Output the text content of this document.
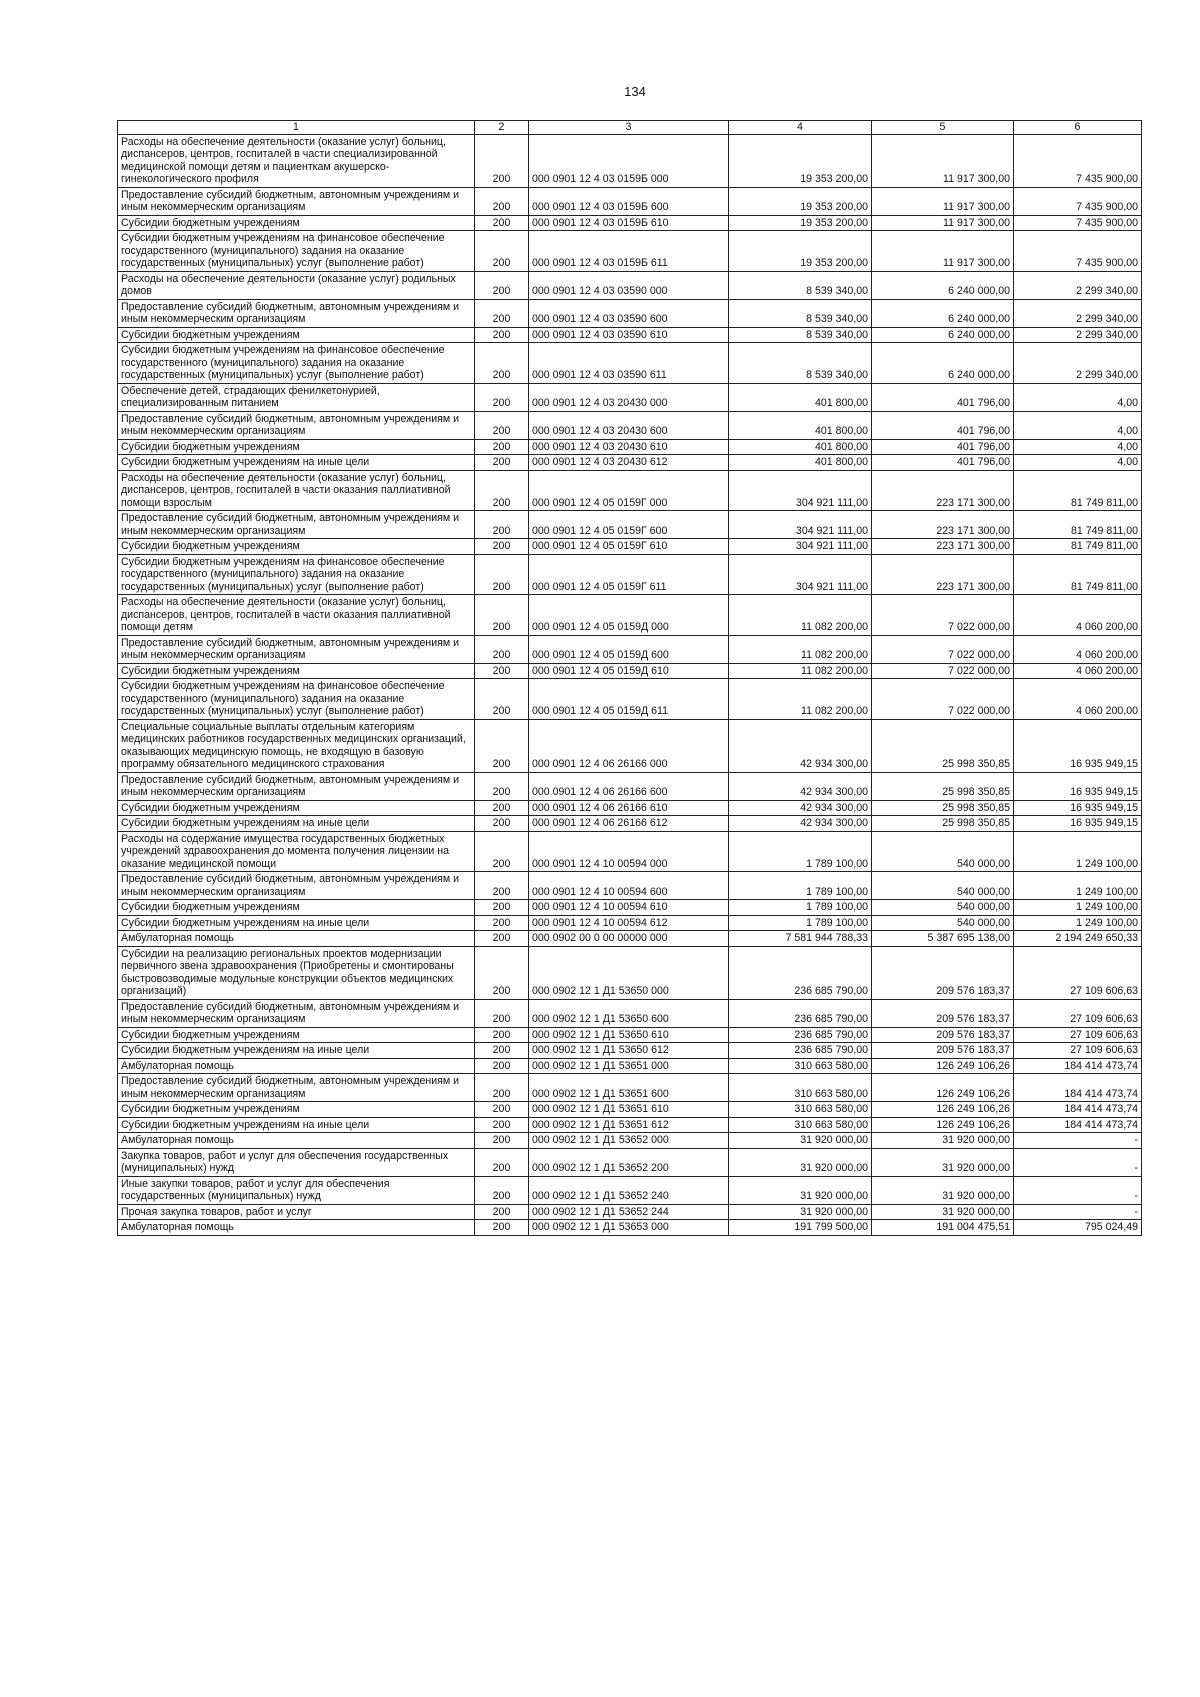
134
1	2	3	4	5	6
Расходы на обеспечение деятельности (оказание услуг) больниц, диспансеров, центров, госпиталей в части специализированной медицинской помощи детям и пациенткам акушерско-гинекологического профиля	200	000 0901 12 4 03 0159Б 000	19 353 200,00	11 917 300,00	7 435 900,00
Предоставление субсидий бюджетным, автономным учреждениям и иным некоммерческим организациям	200	000 0901 12 4 03 0159Б 600	19 353 200,00	11 917 300,00	7 435 900,00
Субсидии бюджетным учреждениям	200	000 0901 12 4 03 0159Б 610	19 353 200,00	11 917 300,00	7 435 900,00
Субсидии бюджетным учреждениям на финансовое обеспечение государственного (муниципального) задания на оказание государственных (муниципальных) услуг (выполнение работ)	200	000 0901 12 4 03 0159Б 611	19 353 200,00	11 917 300,00	7 435 900,00
Расходы на обеспечение деятельности (оказание услуг) родильных домов	200	000 0901 12 4 03 03590 000	8 539 340,00	6 240 000,00	2 299 340,00
Предоставление субсидий бюджетным, автономным учреждениям и иным некоммерческим организациям	200	000 0901 12 4 03 03590 600	8 539 340,00	6 240 000,00	2 299 340,00
Субсидии бюджетным учреждениям	200	000 0901 12 4 03 03590 610	8 539 340,00	6 240 000,00	2 299 340,00
Субсидии бюджетным учреждениям на финансовое обеспечение государственного (муниципального) задания на оказание государственных (муниципальных) услуг (выполнение работ)	200	000 0901 12 4 03 03590 611	8 539 340,00	6 240 000,00	2 299 340,00
Обеспечение детей, страдающих фенилкетонурией, специализированным питанием	200	000 0901 12 4 03 20430 000	401 800,00	401 796,00	4,00
Предоставление субсидий бюджетным, автономным учреждениям и иным некоммерческим организациям	200	000 0901 12 4 03 20430 600	401 800,00	401 796,00	4,00
Субсидии бюджетным учреждениям	200	000 0901 12 4 03 20430 610	401 800,00	401 796,00	4,00
Субсидии бюджетным учреждениям на иные цели	200	000 0901 12 4 03 20430 612	401 800,00	401 796,00	4,00
Расходы на обеспечение деятельности (оказание услуг) больниц, диспансеров, центров, госпиталей в части оказания паллиативной помощи взрослым	200	000 0901 12 4 05 0159Г 000	304 921 111,00	223 171 300,00	81 749 811,00
Предоставление субсидий бюджетным, автономным учреждениям и иным некоммерческим организациям	200	000 0901 12 4 05 0159Г 600	304 921 111,00	223 171 300,00	81 749 811,00
Субсидии бюджетным учреждениям	200	000 0901 12 4 05 0159Г 610	304 921 111,00	223 171 300,00	81 749 811,00
Субсидии бюджетным учреждениям на финансовое обеспечение государственного (муниципального) задания на оказание государственных (муниципальных) услуг (выполнение работ)	200	000 0901 12 4 05 0159Г 611	304 921 111,00	223 171 300,00	81 749 811,00
Расходы на обеспечение деятельности (оказание услуг) больниц, диспансеров, центров, госпиталей в части оказания паллиативной помощи детям	200	000 0901 12 4 05 0159Д 000	11 082 200,00	7 022 000,00	4 060 200,00
Предоставление субсидий бюджетным, автономным учреждениям и иным некоммерческим организациям	200	000 0901 12 4 05 0159Д 600	11 082 200,00	7 022 000,00	4 060 200,00
Субсидии бюджетным учреждениям	200	000 0901 12 4 05 0159Д 610	11 082 200,00	7 022 000,00	4 060 200,00
Субсидии бюджетным учреждениям на финансовое обеспечение государственного (муниципального) задания на оказание государственных (муниципальных) услуг (выполнение работ)	200	000 0901 12 4 05 0159Д 611	11 082 200,00	7 022 000,00	4 060 200,00
Специальные социальные выплаты отдельным категориям медицинских работников государственных медицинских организаций, оказывающих медицинскую помощь, не входящую в базовую программу обязательного медицинского страхования	200	000 0901 12 4 06 26166 000	42 934 300,00	25 998 350,85	16 935 949,15
Предоставление субсидий бюджетным, автономным учреждениям и иным некоммерческим организациям	200	000 0901 12 4 06 26166 600	42 934 300,00	25 998 350,85	16 935 949,15
Субсидии бюджетным учреждениям	200	000 0901 12 4 06 26166 610	42 934 300,00	25 998 350,85	16 935 949,15
Субсидии бюджетным учреждениям на иные цели	200	000 0901 12 4 06 26166 612	42 934 300,00	25 998 350,85	16 935 949,15
Расходы на содержание имущества государственных бюджетных учреждений здравоохранения до момента получения лицензии на оказание медицинской помощи	200	000 0901 12 4 10 00594 000	1 789 100,00	540 000,00	1 249 100,00
Предоставление субсидий бюджетным, автономным учреждениям и иным некоммерческим организациям	200	000 0901 12 4 10 00594 600	1 789 100,00	540 000,00	1 249 100,00
Субсидии бюджетным учреждениям	200	000 0901 12 4 10 00594 610	1 789 100,00	540 000,00	1 249 100,00
Субсидии бюджетным учреждениям на иные цели	200	000 0901 12 4 10 00594 612	1 789 100,00	540 000,00	1 249 100,00
Амбулаторная помощь	200	000 0902 00 0 00 00000 000	7 581 944 788,33	5 387 695 138,00	2 194 249 650,33
Субсидии на реализацию региональных проектов модернизации первичного звена здравоохранения (Приобретены и смонтированы быстровозводимые модульные конструкции объектов медицинских организаций)	200	000 0902 12 1 Д1 53650 000	236 685 790,00	209 576 183,37	27 109 606,63
Предоставление субсидий бюджетным, автономным учреждениям и иным некоммерческим организациям	200	000 0902 12 1 Д1 53650 600	236 685 790,00	209 576 183,37	27 109 606,63
Субсидии бюджетным учреждениям	200	000 0902 12 1 Д1 53650 610	236 685 790,00	209 576 183,37	27 109 606,63
Субсидии бюджетным учреждениям на иные цели	200	000 0902 12 1 Д1 53650 612	236 685 790,00	209 576 183,37	27 109 606,63
Амбулаторная помощь	200	000 0902 12 1 Д1 53651 000	310 663 580,00	126 249 106,26	184 414 473,74
Предоставление субсидий бюджетным, автономным учреждениям и иным некоммерческим организациям	200	000 0902 12 1 Д1 53651 600	310 663 580,00	126 249 106,26	184 414 473,74
Субсидии бюджетным учреждениям	200	000 0902 12 1 Д1 53651 610	310 663 580,00	126 249 106,26	184 414 473,74
Субсидии бюджетным учреждениям на иные цели	200	000 0902 12 1 Д1 53651 612	310 663 580,00	126 249 106,26	184 414 473,74
Амбулаторная помощь	200	000 0902 12 1 Д1 53652 000	31 920 000,00	31 920 000,00	-
Закупка товаров, работ и услуг для обеспечения государственных (муниципальных) нужд	200	000 0902 12 1 Д1 53652 200	31 920 000,00	31 920 000,00	-
Иные закупки товаров, работ и услуг для обеспечения государственных (муниципальных) нужд	200	000 0902 12 1 Д1 53652 240	31 920 000,00	31 920 000,00	-
Прочая закупка товаров, работ и услуг	200	000 0902 12 1 Д1 53652 244	31 920 000,00	31 920 000,00	-
Амбулаторная помощь	200	000 0902 12 1 Д1 53653 000	191 799 500,00	191 004 475,51	795 024,49
